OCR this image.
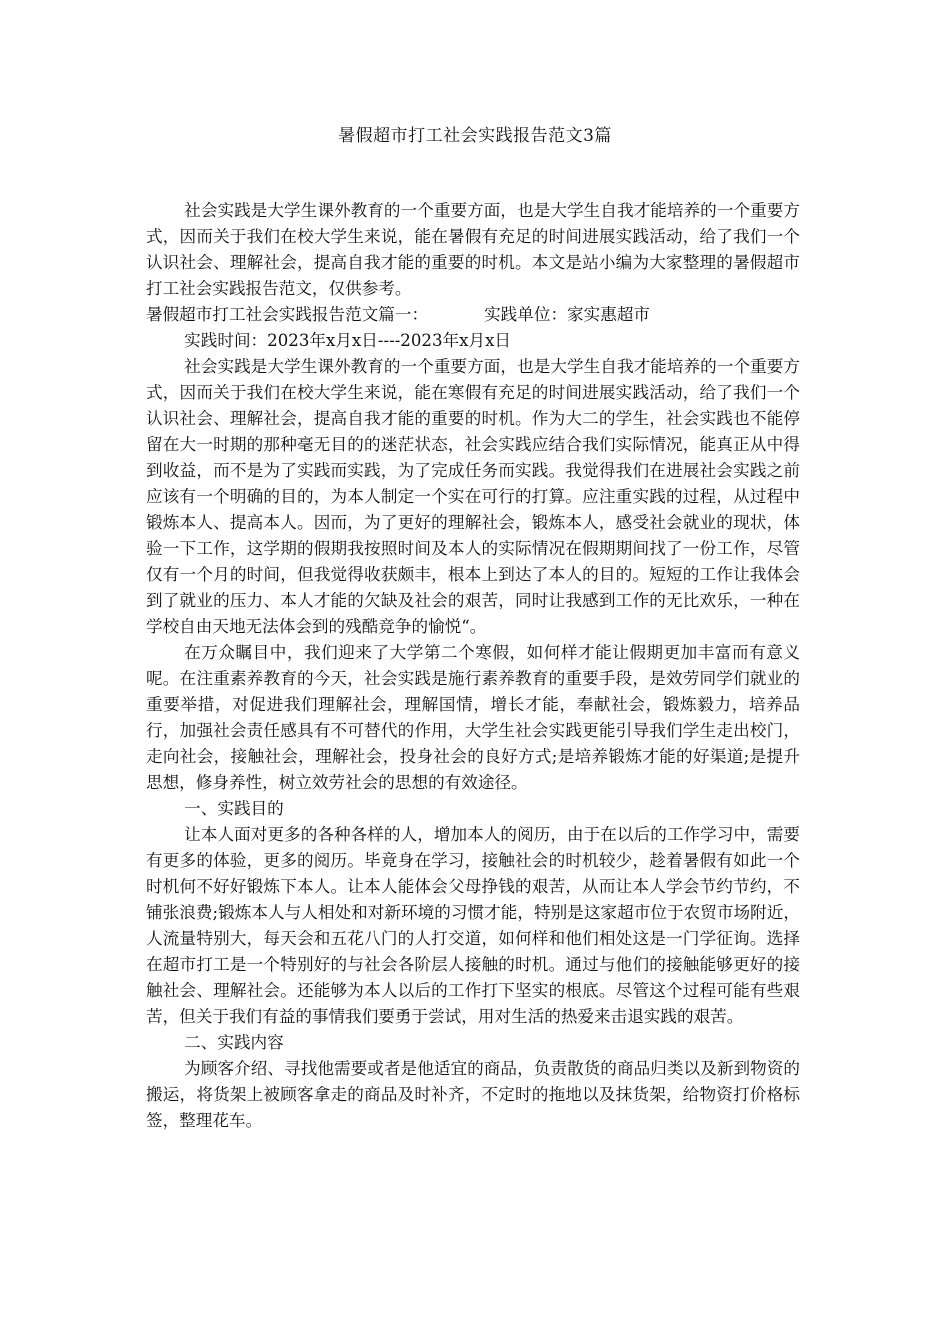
暑假超市打工社会实践报告范文3篇

社会实践是大学生课外教育的一个重要方面，也是大学生自我才能培养的一个重要方式，因而关于我们在校大学生来说，能在暑假有充足的时间进展实践活动，给了我们一个认识社会、理解社会，提高自我才能的重要的时机。本文是站小编为大家整理的暑假超市打工社会实践报告范文，仅供参考。

暑假超市打工社会实践报告范文篇一：	实践单位：家实惠超市

实践时间：2023年x月x日----2023年x月x日

社会实践是大学生课外教育的一个重要方面，也是大学生自我才能培养的一个重要方式，因而关于我们在校大学生来说，能在寒假有充足的时间进展实践活动，给了我们一个认识社会、理解社会，提高自我才能的重要的时机。作为大二的学生，社会实践也不能停留在大一时期的那种毫无目的的迷茫状态，社会实践应结合我们实际情况，能真正从中得到收益，而不是为了实践而实践，为了完成任务而实践。我觉得我们在进展社会实践之前应该有一个明确的目的，为本人制定一个实在可行的打算。应注重实践的过程，从过程中锻炼本人、提高本人。因而，为了更好的理解社会，锻炼本人，感受社会就业的现状，体验一下工作，这学期的假期我按照时间及本人的实际情况在假期期间找了一份工作，尽管仅有一个月的时间，但我觉得收获颇丰，根本上到达了本人的目的。短短的工作让我体会到了就业的压力、本人才能的欠缺及社会的艰苦，同时让我感到工作的无比欢乐，一种在学校自由天地无法体会到的残酷竞争的愉悦“。

在万众瞩目中，我们迎来了大学第二个寒假，如何样才能让假期更加丰富而有意义呢。在注重素养教育的今天，社会实践是施行素养教育的重要手段，是效劳同学们就业的重要举措，对促进我们理解社会，理解国情，增长才能，奉献社会，锻炼毅力，培养品行，加强社会责任感具有不可替代的作用，大学生社会实践更能引导我们学生走出校门，走向社会，接触社会，理解社会，投身社会的良好方式;是培养锻炼才能的好渠道;是提升思想，修身养性，树立效劳社会的思想的有效途径。

一、实践目的

让本人面对更多的各种各样的人，增加本人的阅历，由于在以后的工作学习中，需要有更多的体验，更多的阅历。毕竟身在学习，接触社会的时机较少，趁着暑假有如此一个时机何不好好锻炼下本人。让本人能体会父母挣钱的艰苦，从而让本人学会节约节约，不铺张浪费;锻炼本人与人相处和对新环境的习惯才能，特别是这家超市位于农贸市场附近，人流量特别大，每天会和五花八门的人打交道，如何样和他们相处这是一门学征询。选择在超市打工是一个特别好的与社会各阶层人接触的时机。通过与他们的接触能够更好的接触社会、理解社会。还能够为本人以后的工作打下坚实的根底。尽管这个过程可能有些艰苦，但关于我们有益的事情我们要勇于尝试，用对生活的热爱来击退实践的艰苦。

二、实践内容

为顾客介绍、寻找他需要或者是他适宜的商品，负责散货的商品归类以及新到物资的搬运，将货架上被顾客拿走的商品及时补齐，不定时的拖地以及抹货架，给物资打价格标签，整理花车。
